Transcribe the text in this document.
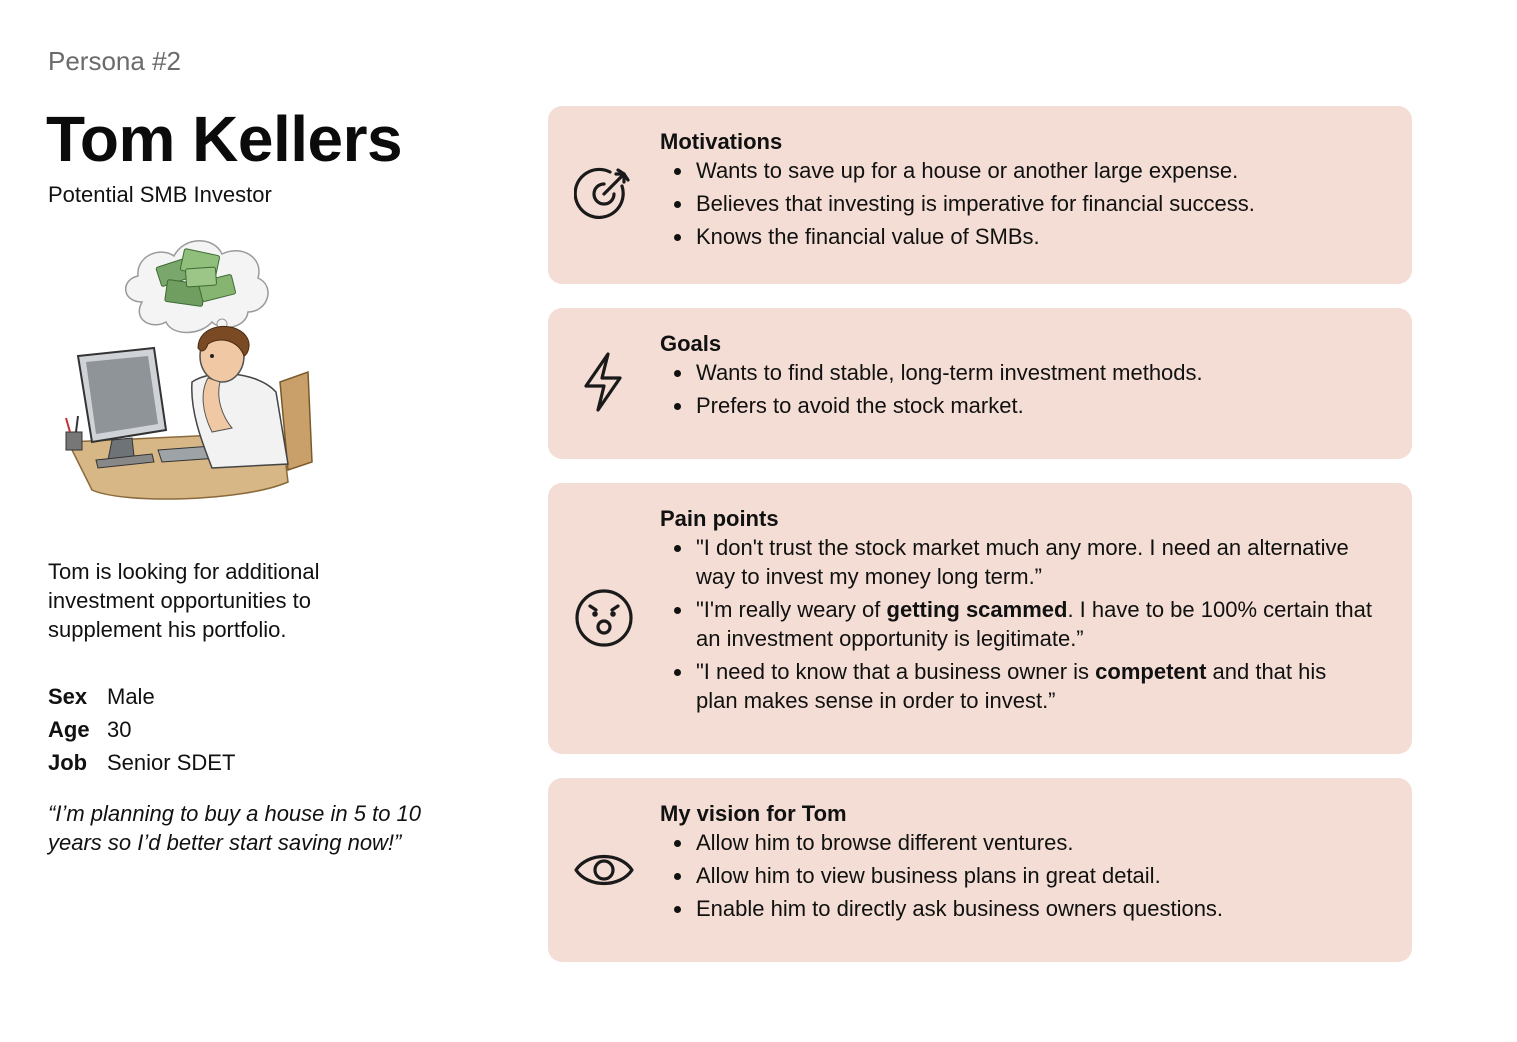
Persona #2
Tom Kellers
Potential SMB Investor
Tom is looking for additional investment opportunities to supplement his portfolio.
Sex Male
Age 30
Job Senior SDET
“I’m planning to buy a house in 5 to 10 years so I’d better start saving now!”

Motivations

Wants to save up for a house or another large expense.
Believes that investing is imperative for financial success.
Knows the financial value of SMBs.

Goals

Wants to find stable, long-term investment methods.
Prefers to avoid the stock market.

Pain points

"I don't trust the stock market much any more. I need an alternative way to invest my money long term.”
"I'm really weary of getting scammed. I have to be 100% certain that an investment opportunity is legitimate.”
"I need to know that a business owner is competent and that his plan makes sense in order to invest.”

My vision for Tom

Allow him to browse different ventures.
Allow him to view business plans in great detail.
Enable him to directly ask business owners questions.
